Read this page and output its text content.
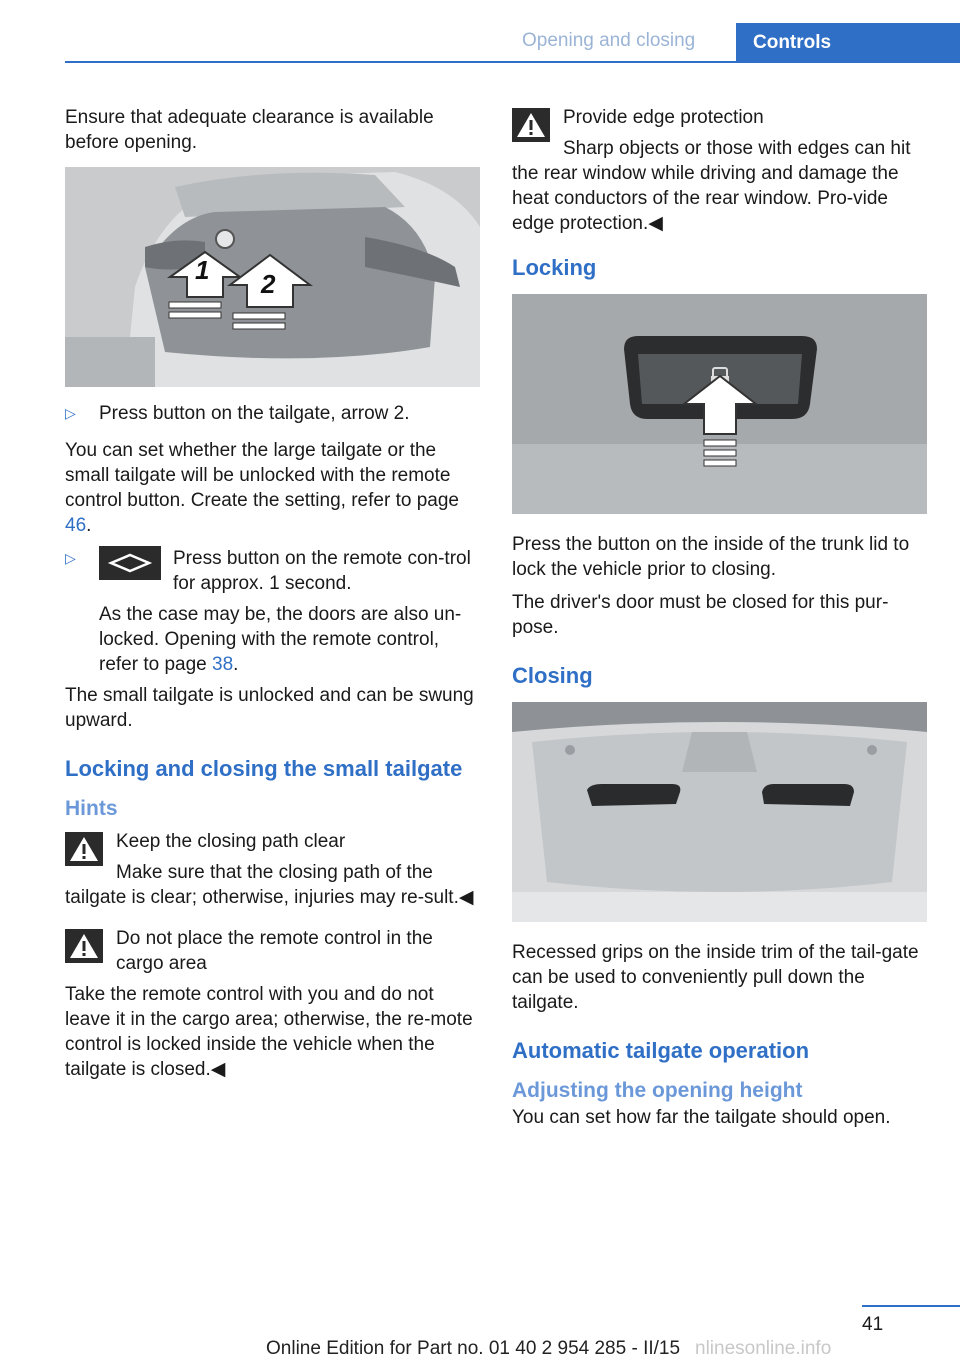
Opening and closing	Controls

Ensure that adequate clearance is available before opening.

1 2
▷	Press button on the tailgate, arrow 2.

You can set whether the large tailgate or the small tailgate will be unlocked with the remote control button. Create the setting, refer to page 46.

▷	Press button on the remote con‐trol for approx. 1 second.

As the case may be, the doors are also un‐locked. Opening with the remote control, refer to page 38.

The small tailgate is unlocked and can be swung upward.

Locking and closing the small tailgate
Hints

Keep the closing path clear

Make sure that the closing path of the tailgate is clear; otherwise, injuries may re‐sult.◀

Do not place the remote control in the cargo area

Take the remote control with you and do not leave it in the cargo area; otherwise, the re‐mote control is locked inside the vehicle when the tailgate is closed.◀

Provide edge protection

Sharp objects or those with edges can hit the rear window while driving and damage the heat conductors of the rear window. Pro‐vide edge protection.◀

Locking

Press the button on the inside of the trunk lid to lock the vehicle prior to closing.

The driver's door must be closed for this pur‐pose.

Closing

Recessed grips on the inside trim of the tail‐gate can be used to conveniently pull down the tailgate.

Automatic tailgate operation
Adjusting the opening height

You can set how far the tailgate should open.

41
Online Edition for Part no. 01 40 2 954 285 - II/15 nlinesonline.info
